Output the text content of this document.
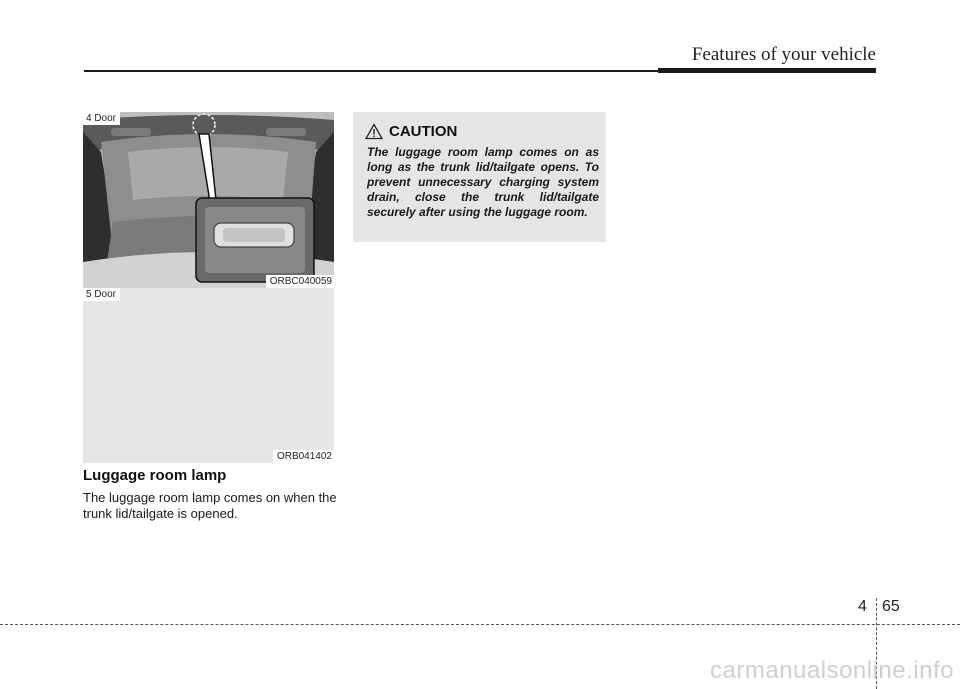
Features of your vehicle
4 Door
ORBC040059
5 Door
ORB041402
Luggage room lamp

The luggage room lamp comes on when the trunk lid/tailgate is opened.

CAUTION

The luggage room lamp comes on as long as the trunk lid/tailgate opens. To prevent unnecessary charging system drain, close the trunk lid/tailgate securely after using the luggage room.

4 65
carmanualsonline.info
